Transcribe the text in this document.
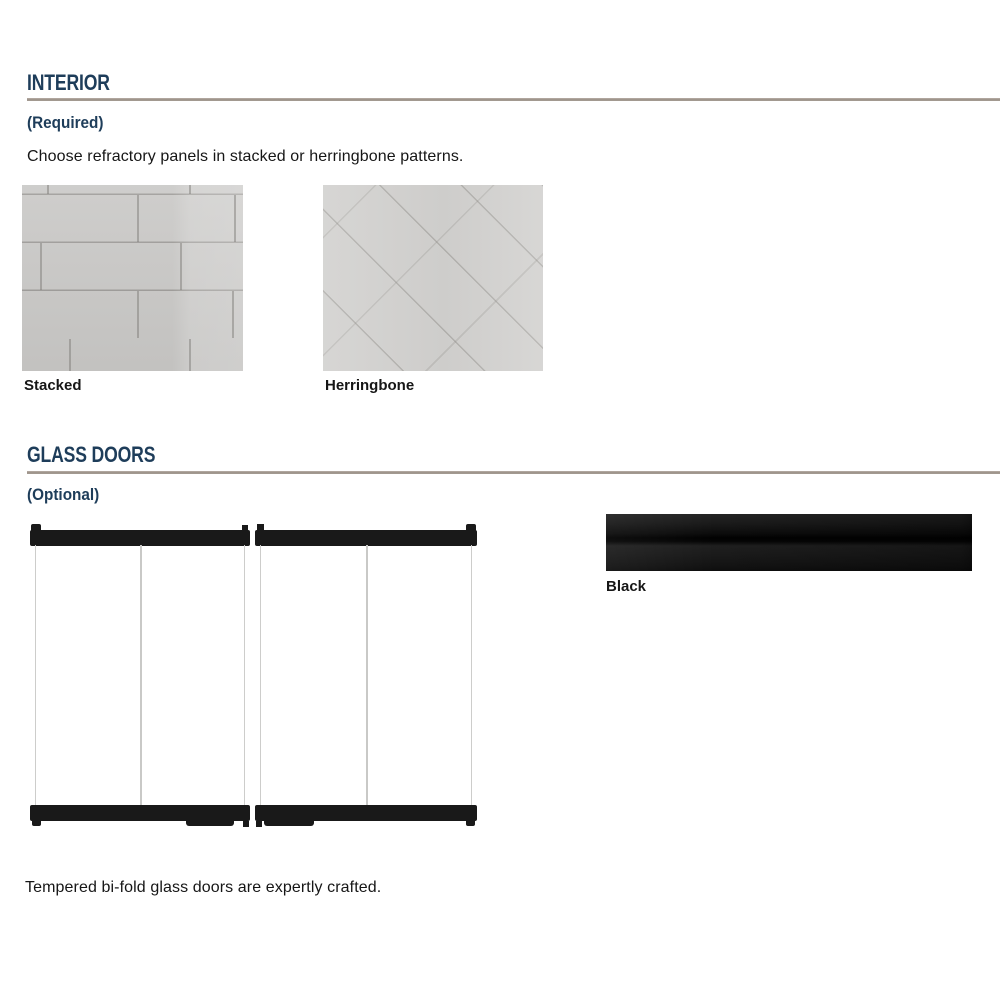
INTERIOR
(Required)
Choose refractory panels in stacked or herringbone patterns.
Stacked	Herringbone
GLASS DOORS
(Optional)
Black
Tempered bi-fold glass doors are expertly crafted.
